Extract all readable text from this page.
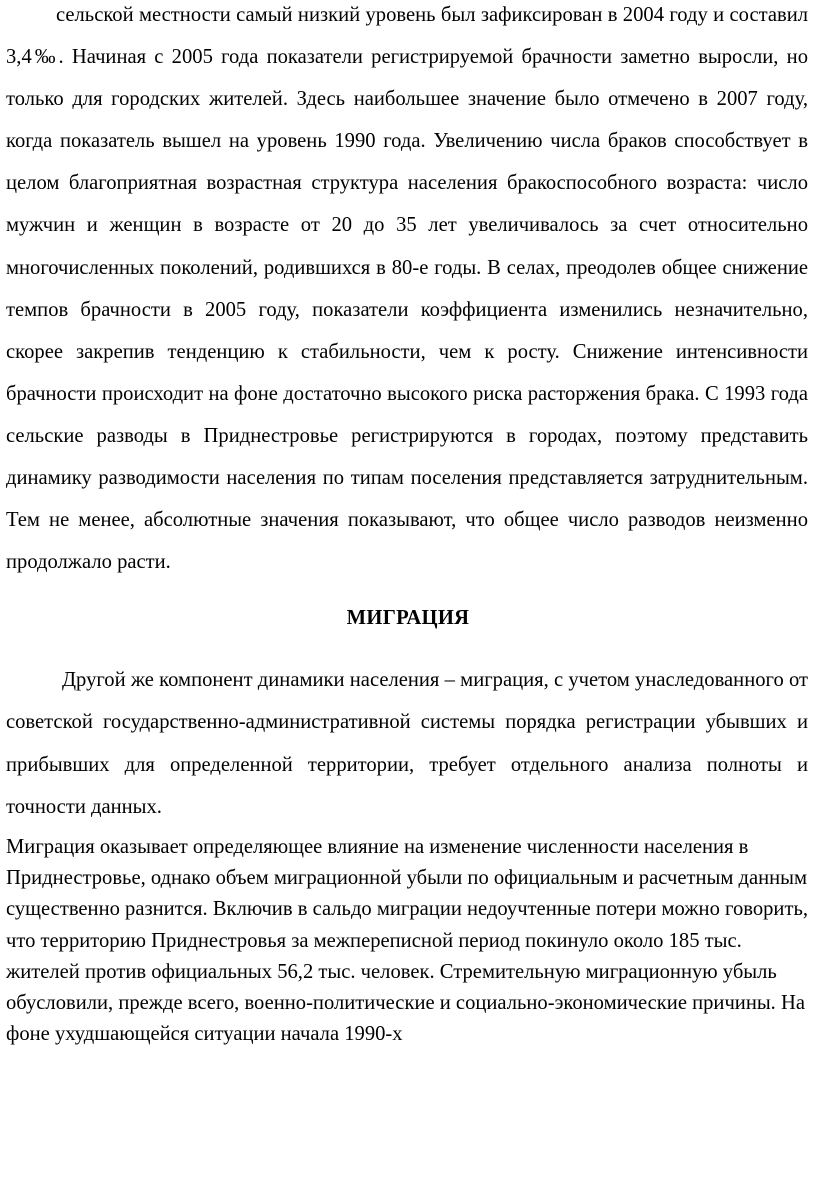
сельской местности самый низкий уровень был зафиксирован в 2004 году и составил 3,4‰. Начиная с 2005 года показатели регистрируемой брачности заметно выросли, но только для городских жителей. Здесь наибольшее значение было отмечено в 2007 году, когда показатель вышел на уровень 1990 года. Увеличению числа браков способствует в целом благоприятная возрастная структура населения бракоспособного возраста: число мужчин и женщин в возрасте от 20 до 35 лет увеличивалось за счет относительно многочисленных поколений, родившихся в 80-е годы. В селах, преодолев общее снижение темпов брачности в 2005 году, показатели коэффициента изменились незначительно, скорее закрепив тенденцию к стабильности, чем к росту. Снижение интенсивности брачности происходит на фоне достаточно высокого риска расторжения брака. С 1993 года сельские разводы в Приднестровье регистрируются в городах, поэтому представить динамику разводимости населения по типам поселения представляется затруднительным. Тем не менее, абсолютные значения показывают, что общее число разводов неизменно продолжало расти.

МИГРАЦИЯ

Другой же компонент динамики населения – миграция, с учетом унаследованного от советской государственно-административной системы порядка регистрации убывших и прибывших для определенной территории, требует отдельного анализа полноты и точности данных.

Миграция оказывает определяющее влияние на изменение численности населения в Приднестровье, однако объем миграционной убыли по официальным и расчетным данным существенно разнится. Включив в сальдо миграции недоучтенные потери можно говорить, что территорию Приднестровья за межпереписной период покинуло около 185 тыс. жителей против официальных 56,2 тыс. человек. Стремительную миграционную убыль обусловили, прежде всего, военно-политические и социально-экономические причины. На фоне ухудшающейся ситуации начала 1990-х
